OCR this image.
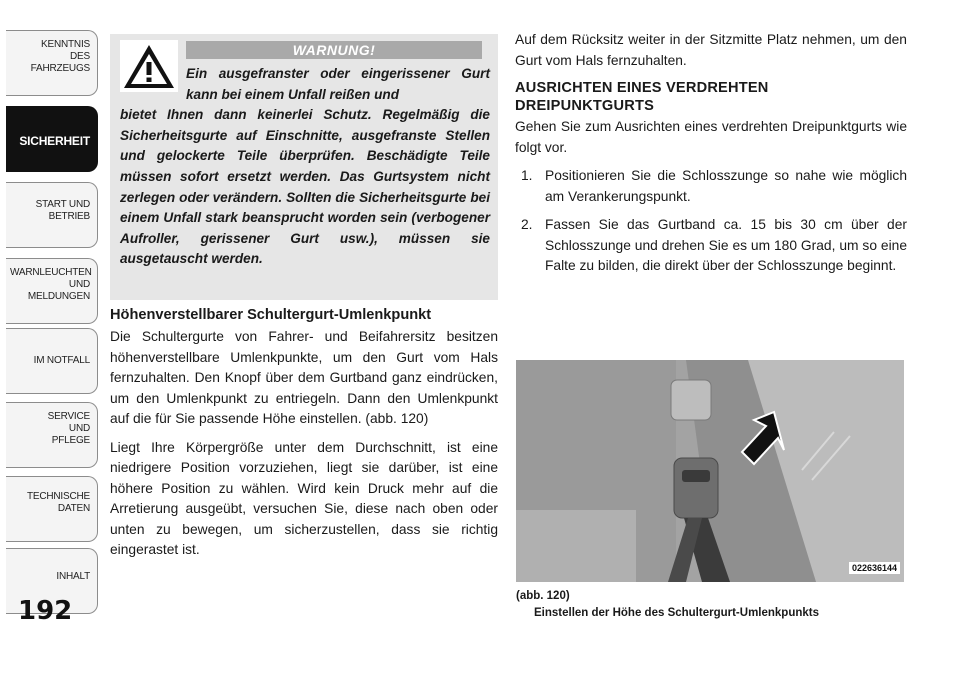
KENNTNIS
DES
FAHRZEUGS
SICHERHEIT
START UND
BETRIEB
WARNLEUCHTEN
UND
MELDUNGEN
IM NOTFALL
SERVICE
UND
PFLEGE
TECHNISCHE
DATEN
INHALT
192
WARNUNG!
Ein ausgefranster oder eingerissener Gurt kann bei einem Unfall reißen und
bietet Ihnen dann keinerlei Schutz. Regelmäßig die Sicherheitsgurte auf Einschnitte, ausgefranste Stellen und gelockerte Teile überprüfen. Beschädigte Teile müssen sofort ersetzt werden. Das Gurtsystem nicht zerlegen oder verändern. Sollten die Sicherheitsgurte bei einem Unfall stark beansprucht worden sein (verbogener Aufroller, gerissener Gurt usw.), müssen sie ausgetauscht werden.
Höhenverstellbarer Schultergurt-Umlenkpunkt

Die Schultergurte von Fahrer- und Beifahrersitz besitzen höhenverstellbare Umlenkpunkte, um den Gurt vom Hals fernzuhalten. Den Knopf über dem Gurtband ganz eindrücken, um den Umlenkpunkt zu entriegeln. Dann den Umlenkpunkt auf die für Sie passende Höhe einstellen. (abb. 120)

Liegt Ihre Körpergröße unter dem Durchschnitt, ist eine niedrigere Position vorzuziehen, liegt sie darüber, ist eine höhere Position zu wählen. Wird kein Druck mehr auf die Arretierung ausgeübt, versuchen Sie, diese nach oben oder unten zu bewegen, um sicherzustellen, dass sie richtig eingerastet ist.

Auf dem Rücksitz weiter in der Sitzmitte Platz nehmen, um den Gurt vom Hals fernzuhalten.

AUSRICHTEN EINES VERDREHTEN DREIPUNKTGURTS

Gehen Sie zum Ausrichten eines verdrehten Dreipunktgurts wie folgt vor.

1. Positionieren Sie die Schlosszunge so nahe wie möglich am Verankerungspunkt.
2. Fassen Sie das Gurtband ca. 15 bis 30 cm über der Schlosszunge und drehen Sie es um 180 Grad, um so eine Falte zu bilden, die direkt über der Schlosszunge beginnt.
022636144
(abb. 120)
Einstellen der Höhe des Schultergurt-Umlenkpunkts
